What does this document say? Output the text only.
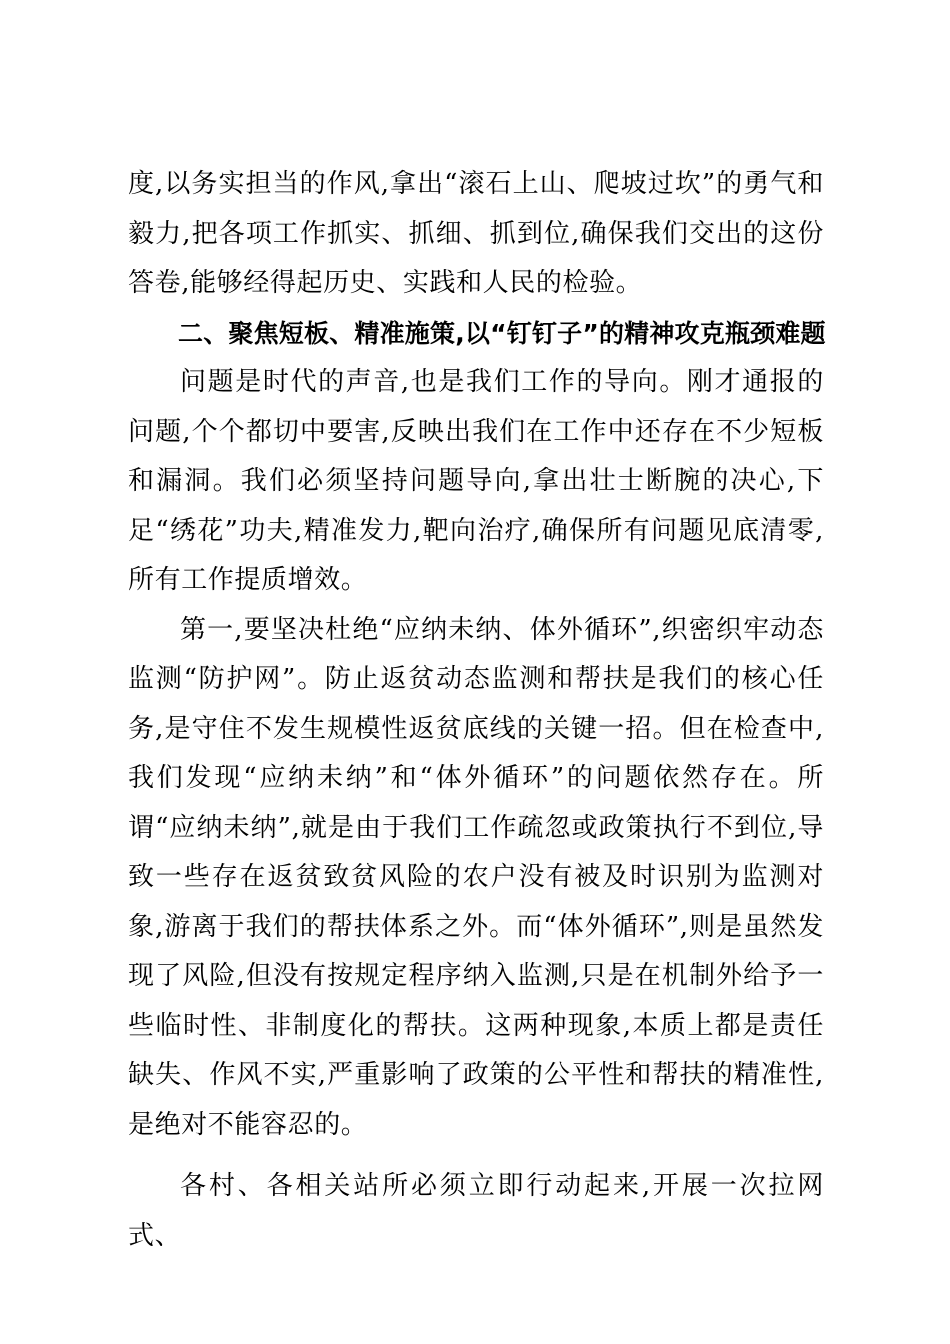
度,以务实担当的作风,拿出“滚石上山、爬坡过坎”的勇气和毅力,把各项工作抓实、抓细、抓到位,确保我们交出的这份答卷,能够经得起历史、实践和人民的检验。

二、聚焦短板、精准施策,以“钉钉子”的精神攻克瓶颈难题

问题是时代的声音,也是我们工作的导向。刚才通报的问题,个个都切中要害,反映出我们在工作中还存在不少短板和漏洞。我们必须坚持问题导向,拿出壮士断腕的决心,下足“绣花”功夫,精准发力,靶向治疗,确保所有问题见底清零,所有工作提质增效。

第一,要坚决杜绝“应纳未纳、体外循环”,织密织牢动态监测“防护网”。防止返贫动态监测和帮扶是我们的核心任务,是守住不发生规模性返贫底线的关键一招。但在检查中,我们发现“应纳未纳”和“体外循环”的问题依然存在。所谓“应纳未纳”,就是由于我们工作疏忽或政策执行不到位,导致一些存在返贫致贫风险的农户没有被及时识别为监测对象,游离于我们的帮扶体系之外。而“体外循环”,则是虽然发现了风险,但没有按规定程序纳入监测,只是在机制外给予一些临时性、非制度化的帮扶。这两种现象,本质上都是责任缺失、作风不实,严重影响了政策的公平性和帮扶的精准性,是绝对不能容忍的。

各村、各相关站所必须立即行动起来,开展一次拉网式、
